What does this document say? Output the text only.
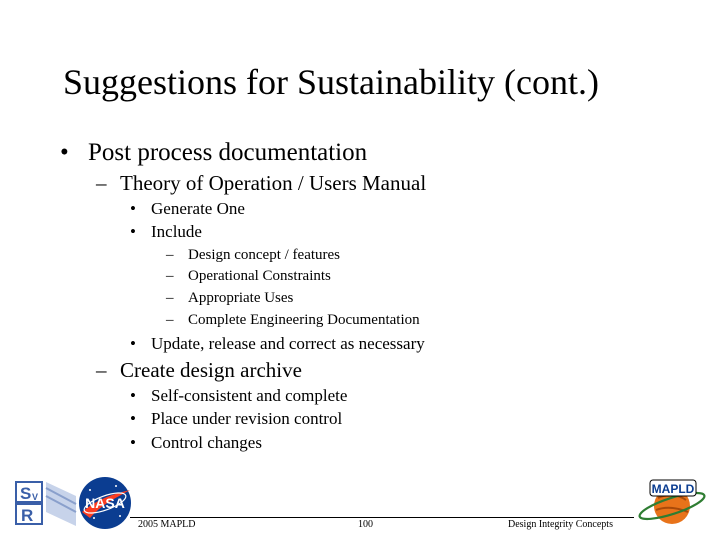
Suggestions for Sustainability (cont.)
• Post process documentation
– Theory of Operation / Users Manual
• Generate One
• Include
– Design concept / features
– Operational Constraints
– Appropriate Uses
– Complete Engineering Documentation
• Update, release and correct as necessary
– Create design archive
• Self-consistent and complete
• Place under revision control
• Control changes
S V
R
NASA
MAPLD
2005 MAPLD	100	Design Integrity Concepts
